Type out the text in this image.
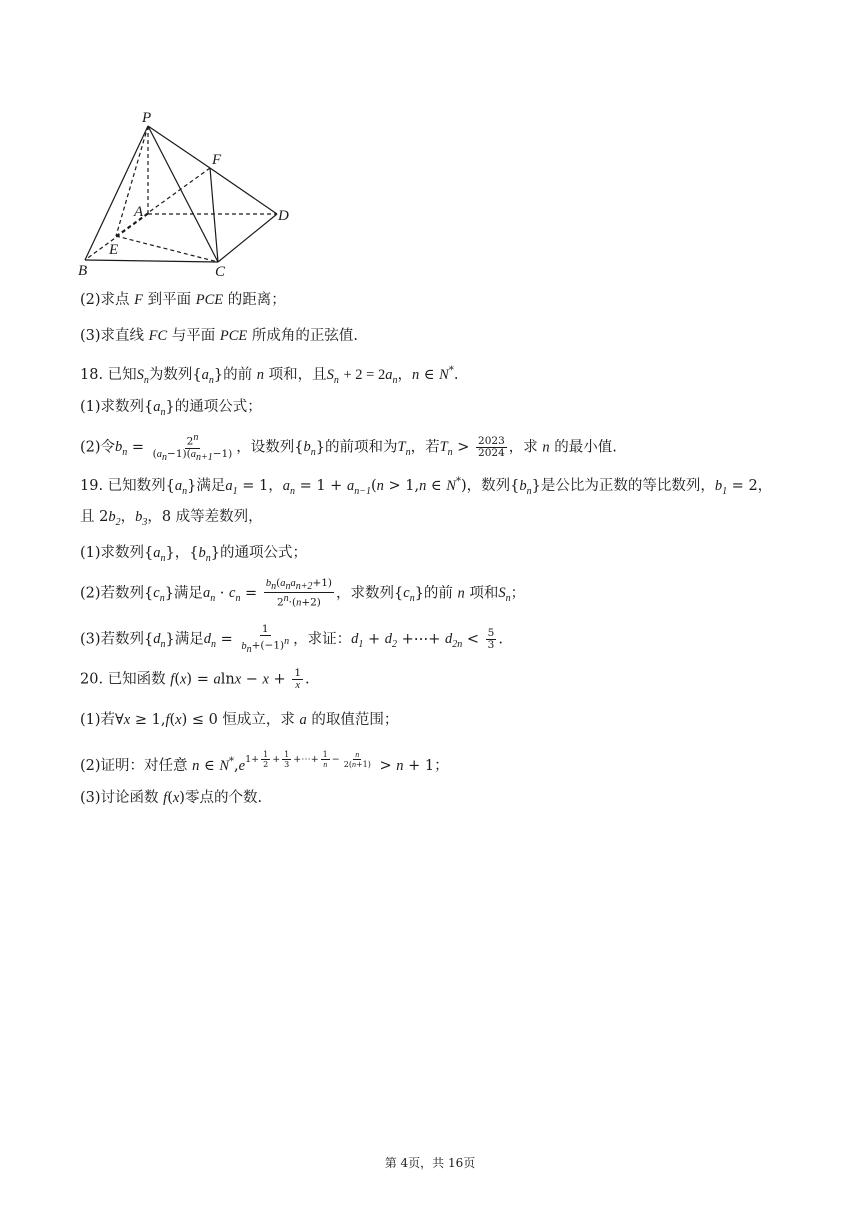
P
F
A	D
E
B	C
(2)求点 F 到平面 PCE 的距离；
(3)求直线 FC 与平面 PCE 所成角的正弦值.
18. 已知$S_n$为数列$\{a_n\}$的前 n 项和，且$S_n + 2 = 2a_n$，n ∈ N*.
(1)求数列$\{a_n\}$的通项公式；
(2)令$b_n = \frac{2^n}{(a_n-1)(a_{n+1}-1)}$ ，设数列$\{b_n\}$的前项和为$T_n$，若$T_n > \frac{2023}{2024}$ ，求 n 的最小值.
19. 已知数列$\{a_n\}$满足$a_1 = 1$，$a_n = 1 + a_{n-1}(n > 1,n$ ∈ N*)，数列$\{b_n\}$是公比为正数的等比数列，$b_1 = 2$，
且 $2b_2$，$b_3$，8 成等差数列，
(1)求数列$\{a_n\}$，$\{b_n\}$的通项公式；
(2)若数列$\{c_n\}$满足$a_n \cdot c_n = \frac{b_n(a_na_{n+2}+1)}{2^n\cdot(n+2)}$ ，求数列$\{c_n\}$的前 n 项和$S_n$；
(3)若数列$\{d_n\}$满足$d_n = \frac{1}{b_n+(-1)^n}$ ，求证：$d_1 + d_2$ +⋯+ $d_{2n} < \frac{5}{3}$ .
20. 已知函数 $f(x) = alnx - x + \frac{1}{x}$ .
(1)若∀x ≥ 1,f(x) ≤ 0 恒成立，求 a 的取值范围；
(2)证明：对任意 n ∈ $N^*,e^{1+ \frac{1}{2} + \frac{1}{3} +\cdots+ \frac{1}{n} - \frac{n}{2(n+1)}} > n + 1$；
(3)讨论函数 f(x)零点的个数.
第 4页，共 16页
